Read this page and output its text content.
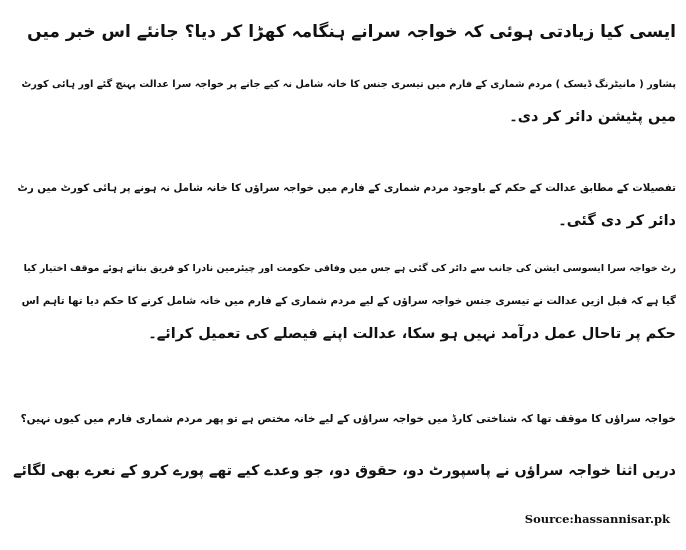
ایسی کیا زیادتی ہوئی کہ خواجہ سرانے ہنگامہ کھڑا کر دیا؟ جانئے اس خبر میں
پشاور ( مانیٹرنگ ڈیسک ) مردم شماری کے فارم میں تیسری جنس کا خانہ شامل نہ کیے جانے پر خواجہ سرا عدالت پہنچ گئے اور ہائی کورٹ
میں پٹیشن دائر کر دی۔
تفصیلات کے مطابق عدالت کے حکم کے باوجود مردم شماری کے فارم میں خواجہ سراؤں کا خانہ شامل نہ ہونے پر ہائی کورٹ میں رٹ
دائر کر دی گئی۔
رٹ خواجہ سرا ایسوسی ایشن کی جانب سے دائر کی گئی ہے جس میں وفاقی حکومت اور چیئرمین نادرا کو فریق بناتے ہوئے موقف اختیار کیا
گیا ہے کہ قبل ازیں عدالت نے تیسری جنس خواجہ سراؤں کے لیے مردم شماری کے فارم میں خانہ شامل کرنے کا حکم دیا تھا تاہم اس
حکم پر تاحال عمل درآمد نہیں ہو سکا، عدالت اپنے فیصلے کی تعمیل کرائے۔
خواجہ سراؤں کا موقف تھا کہ شناختی کارڈ میں خواجہ سراؤں کے لیے خانہ مختص ہے تو پھر مردم شماری فارم میں کیوں نہیں؟
دریں اثنا خواجہ سراؤں نے پاسپورٹ دو، حقوق دو، جو وعدے کیے تھے پورے کرو کے نعرے بھی لگائے
Source:hassannisar.pk
